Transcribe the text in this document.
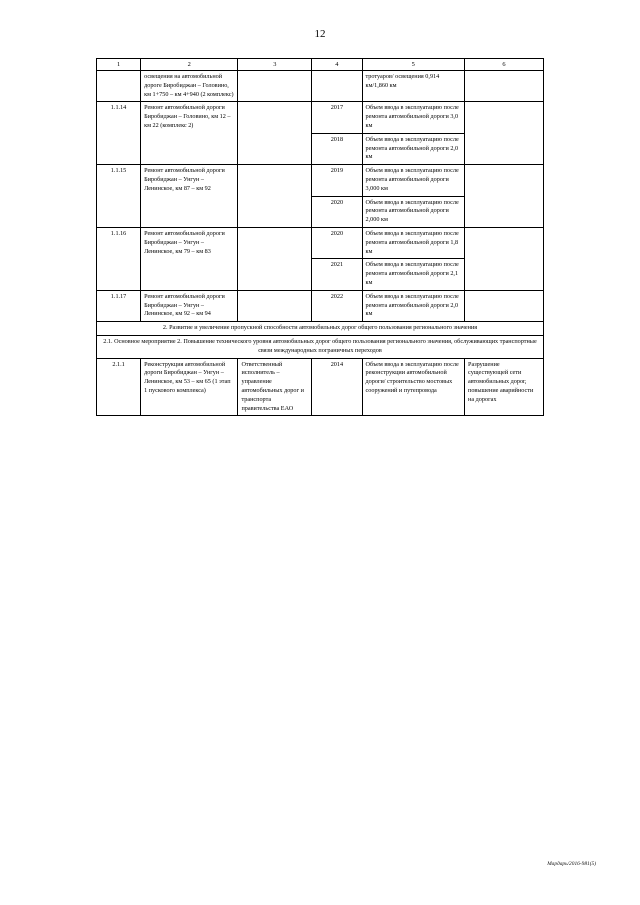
12
1	2	3	4	5	6
	освещения на автомобильной дороге Биробиджан – Головино, км 1+750 – км 4+940 (2 комплекс)			тротуаров/ освещения 0,914 км/1,860 км	
1.1.14	Ремонт автомобильной дороги Биробиджан – Головино, км 12 – км 22 (комплекс 2)		2017	Объем ввода в эксплуатацию после ремонта автомобильной дороги 3,0 км	
			2018	Объем ввода в эксплуатацию после ремонта автомобильной дороги 2,0 км	
1.1.15	Ремонт автомобильной дороги Биробиджан – Унгун – Ленинское, км 87 – км 92		2019	Объем ввода в эксплуатацию после ремонта автомобильной дороги 3,000 км	
			2020	Объем ввода в эксплуатацию после ремонта автомобильной дороги 2,000 км	
1.1.16	Ремонт автомобильной дороги Биробиджан – Унгун – Ленинское, км 79 – км 83		2020	Объем ввода в эксплуатацию после ремонта автомобильной дороги 1,8 км	
			2021	Объем ввода в эксплуатацию после ремонта автомобильной дороги 2,1 км	
1.1.17	Ремонт автомобильной дороги Биробиджан – Унгун – Ленинское, км 92 – км 94		2022	Объем ввода в эксплуатацию после ремонта автомобильной дороги 2,0 км	
2. Развитие и увеличение пропускной способности автомобильных дорог общего пользования регионального значения					
2.1. Основное мероприятие 2. Повышение технического уровня автомобильных дорог общего пользования регионального значения, обслуживающих транспортные связи международных пограничных переходов					
2.1.1	Реконструкция автомобильной дороги Биробиджан – Унгун – Ленинское, км 53 – км 65 (1 этап 1 пускового комплекса)	Ответственный исполнитель – управление автомобильных дорог и транспорта правительства ЕАО	2014	Объем ввода в эксплуатацию после реконструкции автомобильной дороги/ строительство мостовых сооружений и путепровода	Разрушение существующей сети автомобильных дорог, повышение аварийности на дорогах
Мардарь/2016-981(5)
